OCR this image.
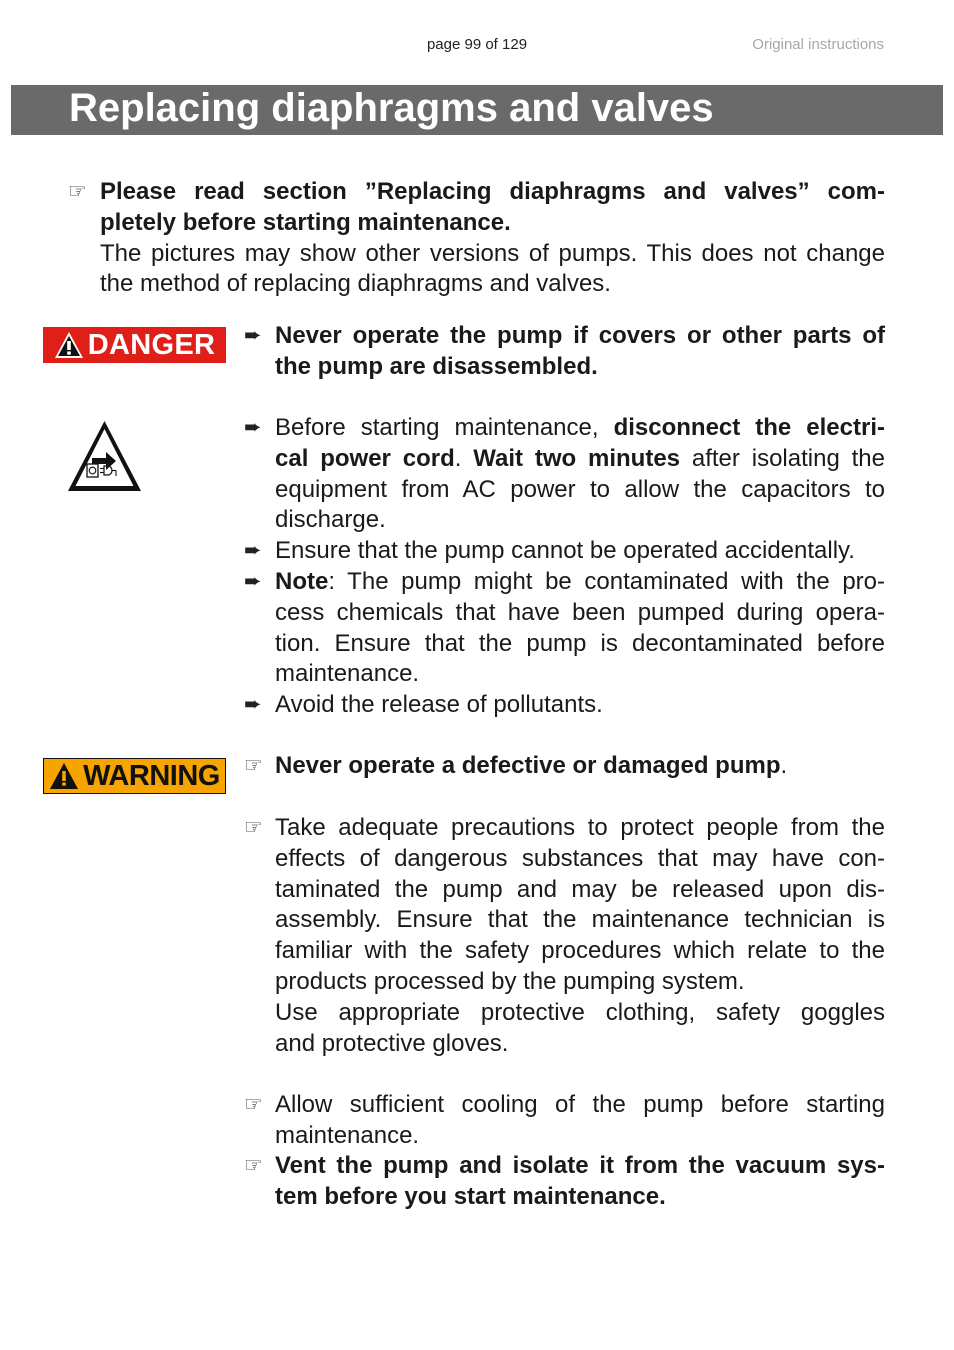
page 99 of 129	Original instructions
Replacing diaphragms and valves
☞ Please read section ”Replacing diaphragms and valves” com-

pletely before starting maintenance.

The pictures may show other versions of pumps. This does not change

the method of replacing diaphragms and valves.

DANGER ➨ Never operate the pump if covers or other parts of

the pump are disassembled.

➨ Before starting maintenance, disconnect the electri-

cal power cord. Wait two minutes after isolating the

equipment from AC power to allow the capacitors to

discharge.

➨ Ensure that the pump cannot be operated accidentally.

➨ Note: The pump might be contaminated with the pro-

cess chemicals that have been pumped during opera-

tion. Ensure that the pump is decontaminated before

maintenance.

➨ Avoid the release of pollutants.

WARNING ☞ Never operate a defective or damaged pump.

☞ Take adequate precautions to protect people from the

effects of dangerous substances that may have con-

taminated the pump and may be released upon dis-

assembly. Ensure that the maintenance technician is

familiar with the safety procedures which relate to the

products processed by the pumping system.

Use appropriate protective clothing, safety goggles

and protective gloves.

☞ Allow sufficient cooling of the pump before starting

maintenance.

☞ Vent the pump and isolate it from the vacuum sys-

tem before you start maintenance.
